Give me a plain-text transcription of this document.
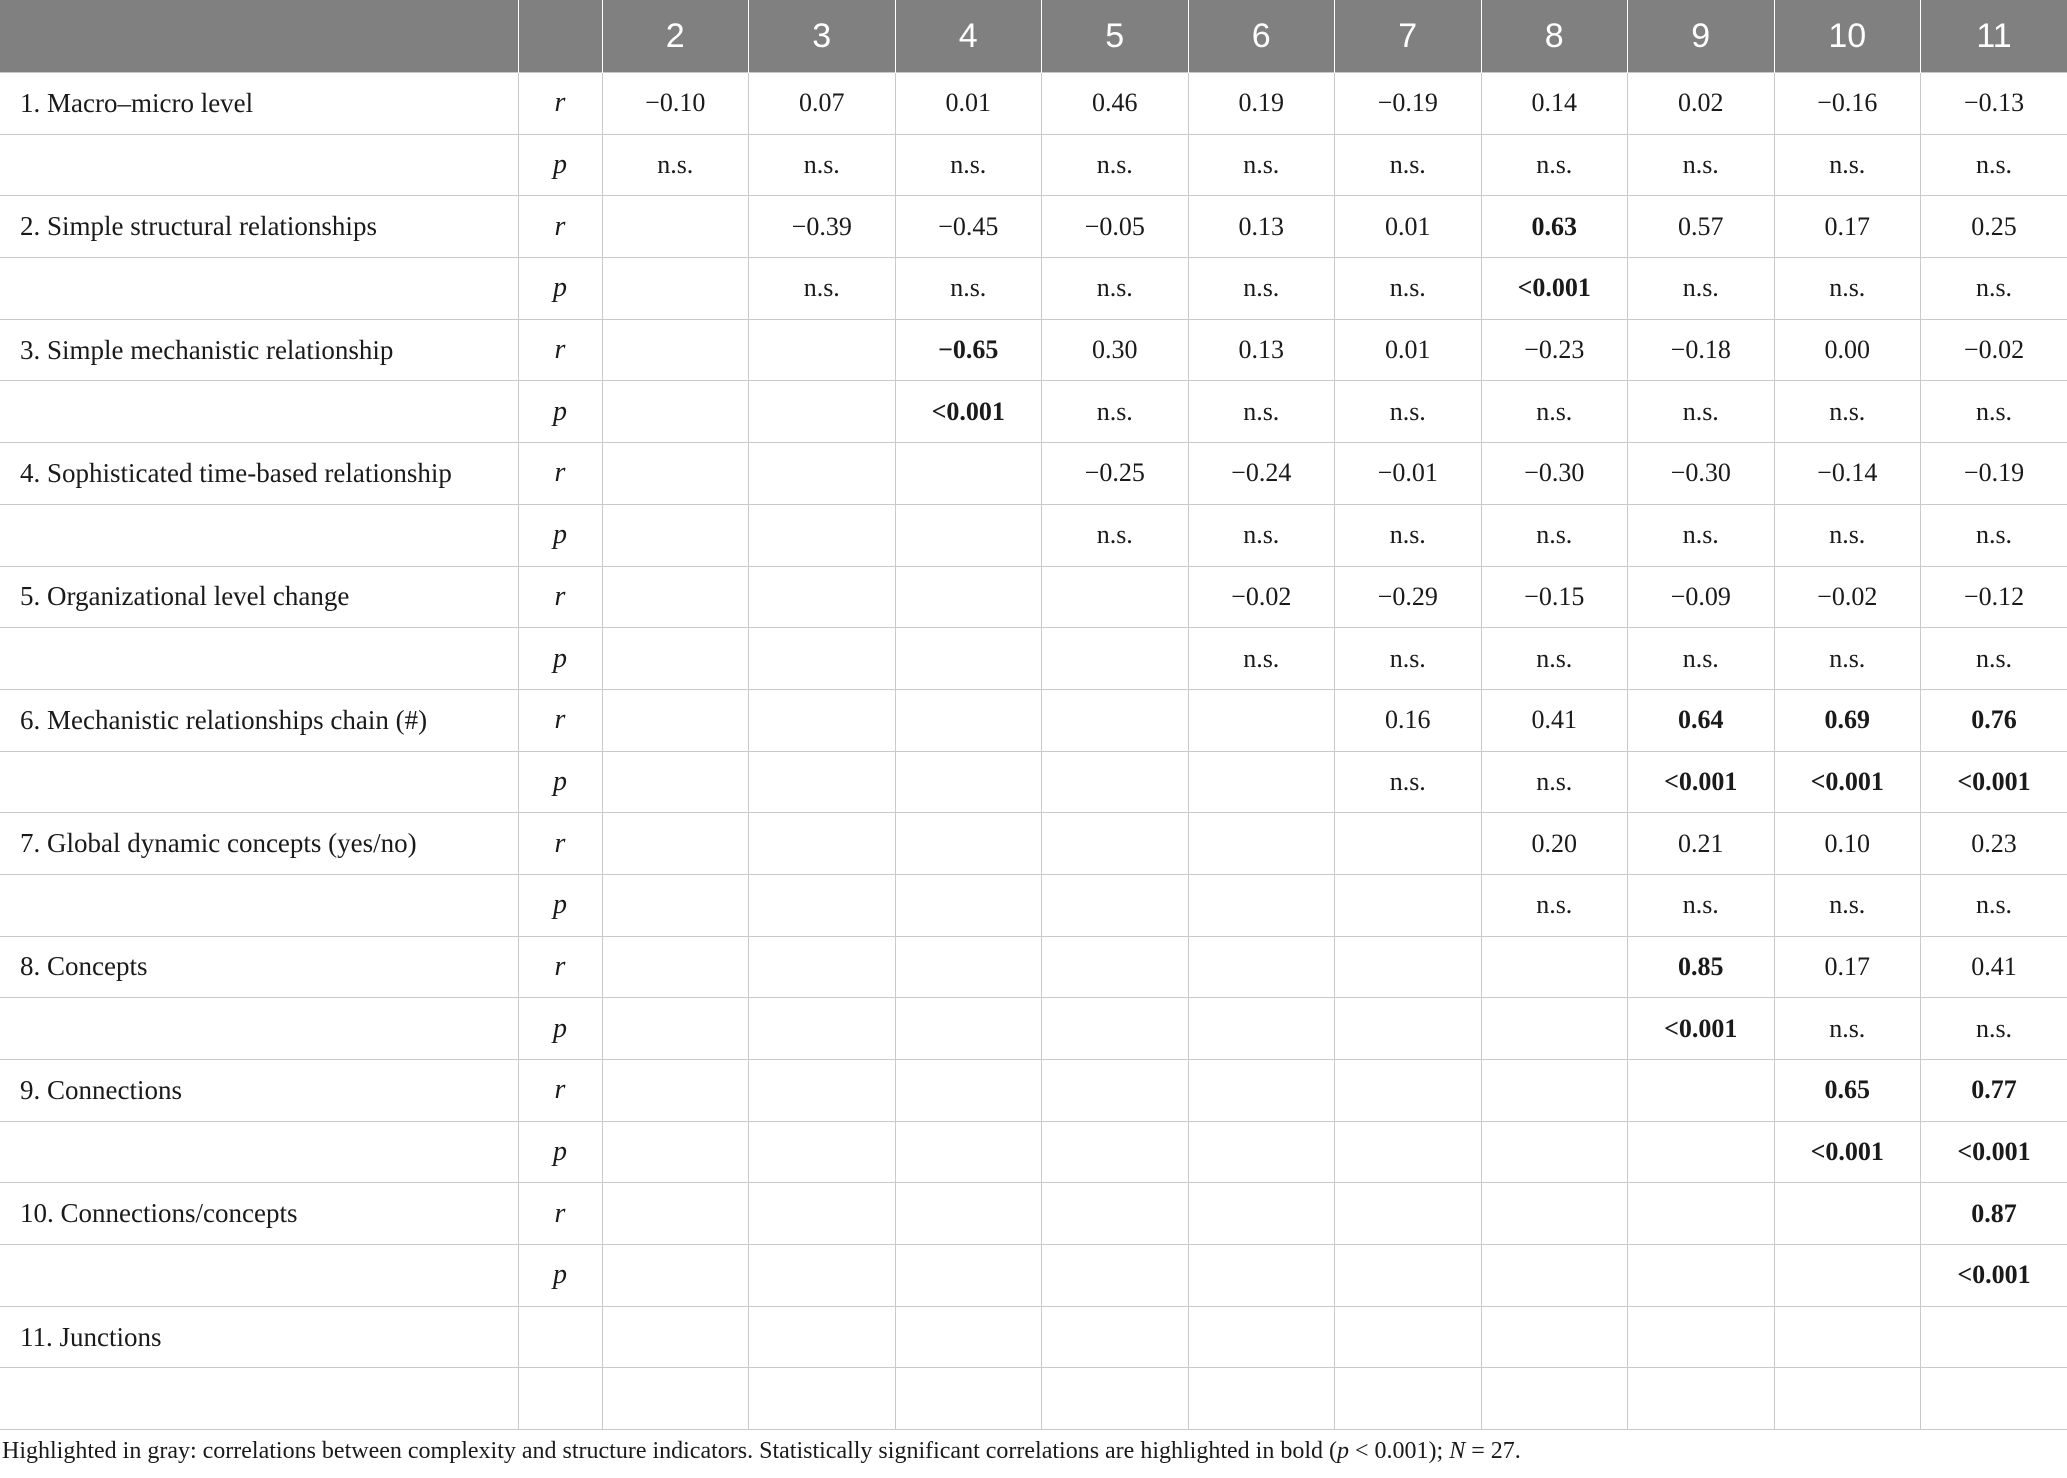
		2	3	4	5	6	7	8	9	10	11
1. Macro–micro level	r	−0.10	0.07	0.01	0.46	0.19	−0.19	0.14	0.02	−0.16	−0.13
	p	n.s.	n.s.	n.s.	n.s.	n.s.	n.s.	n.s.	n.s.	n.s.	n.s.
2. Simple structural relationships	r		−0.39	−0.45	−0.05	0.13	0.01	0.63	0.57	0.17	0.25
	p		n.s.	n.s.	n.s.	n.s.	n.s.	<0.001	n.s.	n.s.	n.s.
3. Simple mechanistic relationship	r			−0.65	0.30	0.13	0.01	−0.23	−0.18	0.00	−0.02
	p			<0.001	n.s.	n.s.	n.s.	n.s.	n.s.	n.s.	n.s.
4. Sophisticated time-based relationship	r				−0.25	−0.24	−0.01	−0.30	−0.30	−0.14	−0.19
	p				n.s.	n.s.	n.s.	n.s.	n.s.	n.s.	n.s.
5. Organizational level change	r					−0.02	−0.29	−0.15	−0.09	−0.02	−0.12
	p					n.s.	n.s.	n.s.	n.s.	n.s.	n.s.
6. Mechanistic relationships chain (#)	r						0.16	0.41	0.64	0.69	0.76
	p						n.s.	n.s.	<0.001	<0.001	<0.001
7. Global dynamic concepts (yes/no)	r							0.20	0.21	0.10	0.23
	p							n.s.	n.s.	n.s.	n.s.
8. Concepts	r								0.85	0.17	0.41
	p								<0.001	n.s.	n.s.
9. Connections	r									0.65	0.77
	p									<0.001	<0.001
10. Connections/concepts	r										0.87
	p										<0.001
11. Junctions											

Highlighted in gray: correlations between complexity and structure indicators. Statistically significant correlations are highlighted in bold (p < 0.001); N = 27.
